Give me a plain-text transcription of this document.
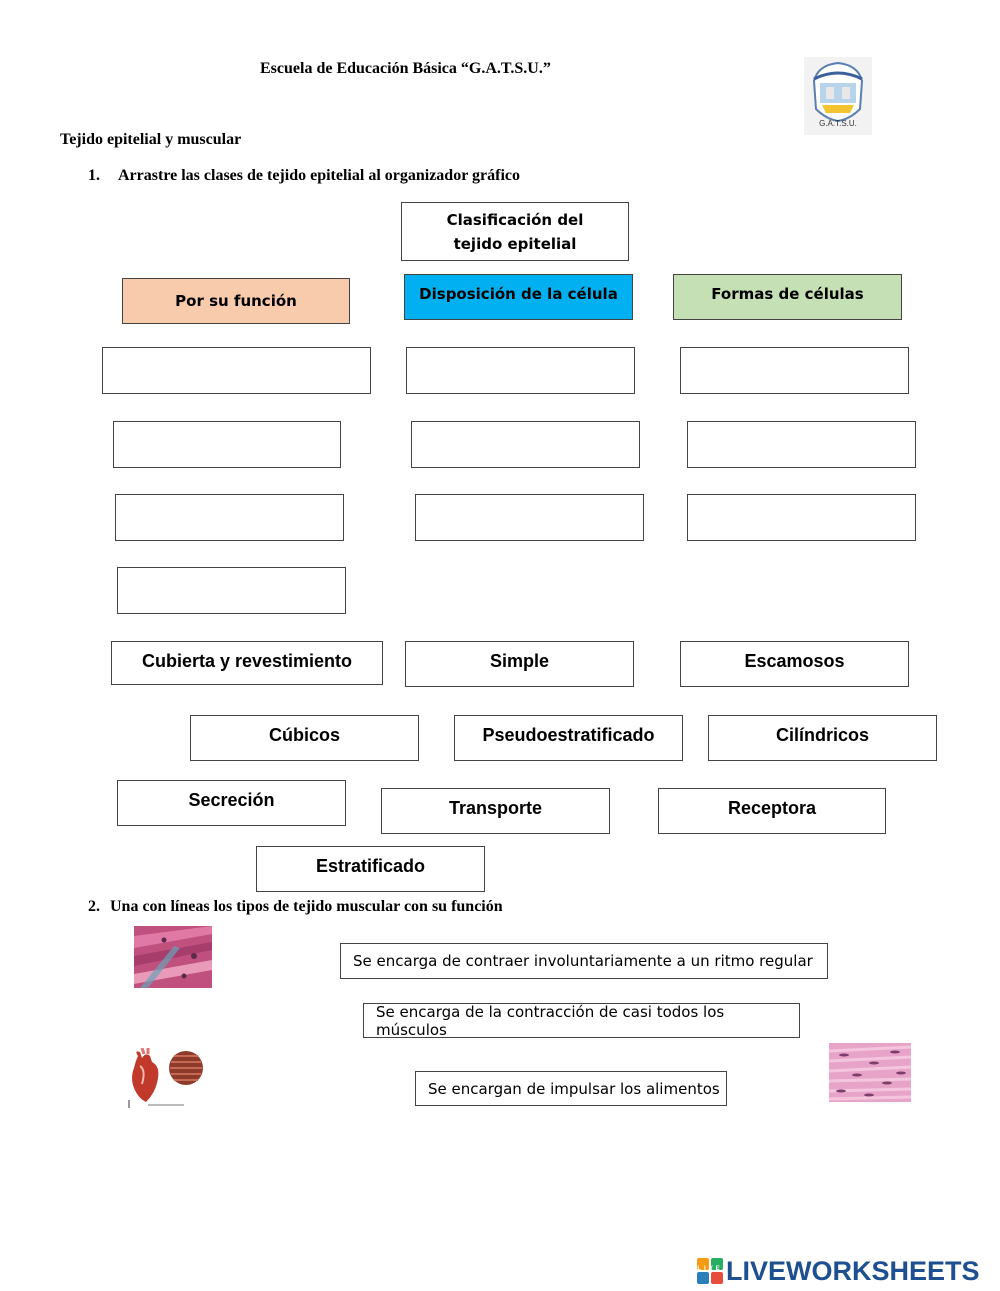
Escuela de Educación Básica “G.A.T.S.U.”
G.A.T.S.U.
Tejido epitelial y muscular
1. Arrastre las clases de tejido epitelial al organizador gráfico
Clasificación del tejido epitelial
Por su función	Disposición de la célula	Formas de células
Cubierta y revestimiento	Simple	Escamosos
Cúbicos	Pseudoestratificado	Cilíndricos
Secreción	Transporte	Receptora
Estratificado
2. Una con líneas los tipos de tejido muscular con su función
Se encarga de contraer involuntariamente a un ritmo regular
Se encarga de la contracción de casi todos los músculos
Se encargan de impulsar los alimentos
LIVE LIVEWORKSHEETS
